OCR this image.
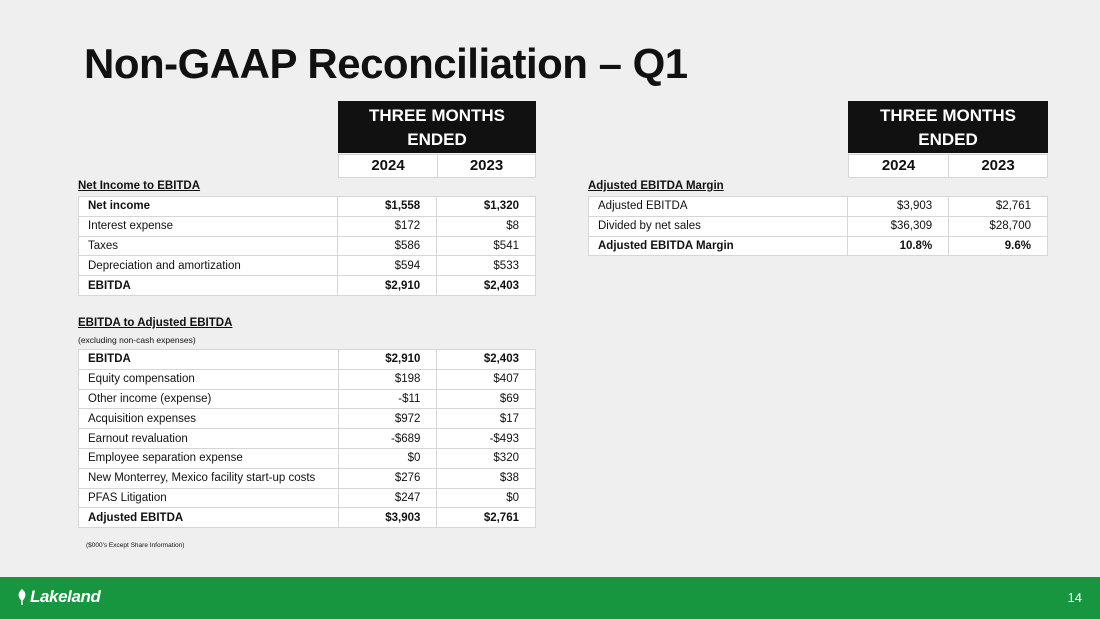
Non-GAAP Reconciliation – Q1
THREE MONTHS ENDED
2024	2023
THREE MONTHS ENDED
2024	2023
Net Income to EBITDA
Net income	$1,558	$1,320
Interest expense	$172	$8
Taxes	$586	$541
Depreciation and amortization	$594	$533
EBITDA	$2,910	$2,403
EBITDA to Adjusted EBITDA
(excluding non-cash expenses)
EBITDA	$2,910	$2,403
Equity compensation	$198	$407
Other income (expense)	-$11	$69
Acquisition expenses	$972	$17
Earnout revaluation	-$689	-$493
Employee separation expense	$0	$320
New Monterrey, Mexico facility start-up costs	$276	$38
PFAS Litigation	$247	$0
Adjusted EBITDA	$3,903	$2,761
Adjusted EBITDA Margin
Adjusted EBITDA	$3,903	$2,761
Divided by net sales	$36,309	$28,700
Adjusted EBITDA Margin	10.8%	9.6%
($000's Except Share Information)
Lakeland	14
